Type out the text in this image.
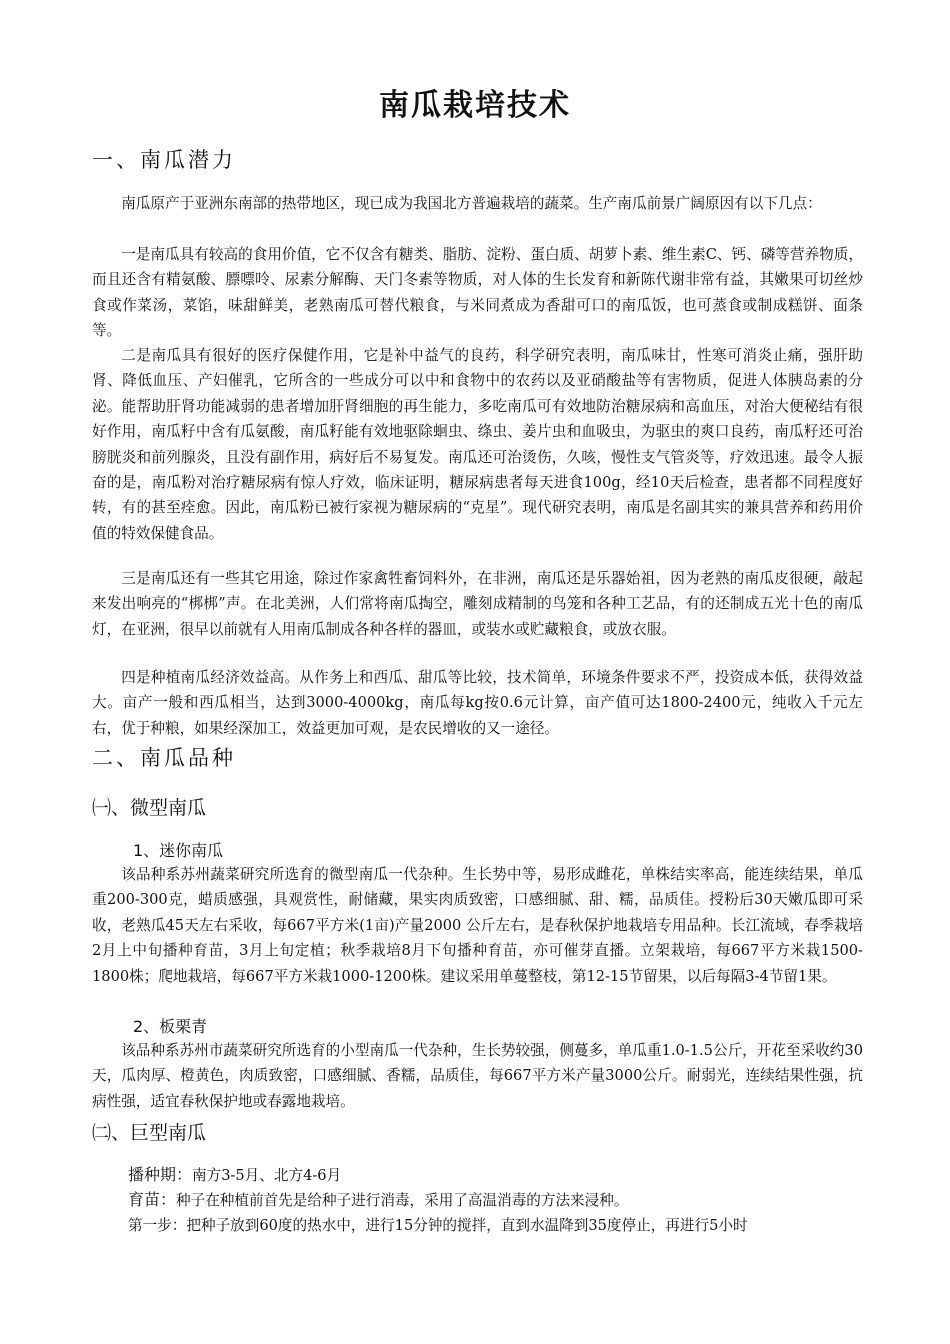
南瓜栽培技术
一、南瓜潜力

南瓜原产于亚洲东南部的热带地区，现已成为我国北方普遍栽培的蔬菜。生产南瓜前景广阔原因有以下几点：

一是南瓜具有较高的食用价值，它不仅含有糖类、脂肪、淀粉、蛋白质、胡萝卜素、维生素C、钙、磷等营养物质，而且还含有精氨酸、膘嘌呤、尿素分解酶、天门冬素等物质，对人体的生长发育和新陈代谢非常有益，其嫩果可切丝炒食或作菜汤，菜馅，味甜鲜美，老熟南瓜可替代粮食，与米同煮成为香甜可口的南瓜饭，也可蒸食或制成糕饼、面条等。

二是南瓜具有很好的医疗保健作用，它是补中益气的良药，科学研究表明，南瓜味甘，性寒可消炎止痛，强肝助肾、降低血压、产妇催乳，它所含的一些成分可以中和食物中的农药以及亚硝酸盐等有害物质，促进人体胰岛素的分泌。能帮助肝肾功能减弱的患者增加肝肾细胞的再生能力，多吃南瓜可有效地防治糖尿病和高血压，对治大便秘结有很好作用，南瓜籽中含有瓜氨酸，南瓜籽能有效地驱除蛔虫、绦虫、姜片虫和血吸虫，为驱虫的爽口良药，南瓜籽还可治膀胱炎和前列腺炎，且没有副作用，病好后不易复发。南瓜还可治烫伤，久咳，慢性支气管炎等，疗效迅速。最令人振奋的是，南瓜粉对治疗糖尿病有惊人疗效，临床证明，糖尿病患者每天进食100g，经10天后检查，患者都不同程度好转，有的甚至痊愈。因此，南瓜粉已被行家视为糖尿病的“克星”。现代研究表明，南瓜是名副其实的兼具营养和药用价值的特效保健食品。

三是南瓜还有一些其它用途，除过作家禽牲畜饲料外，在非洲，南瓜还是乐器始祖，因为老熟的南瓜皮很硬，敲起来发出响亮的“梆梆”声。在北美洲，人们常将南瓜掏空，雕刻成精制的鸟笼和各种工艺品，有的还制成五光十色的南瓜灯，在亚洲，很早以前就有人用南瓜制成各种各样的器皿，或装水或贮藏粮食，或放衣服。

四是种植南瓜经济效益高。从作务上和西瓜、甜瓜等比较，技术简单，环境条件要求不严，投资成本低，获得效益大。亩产一般和西瓜相当，达到3000-4000kg，南瓜每kg按0.6元计算，亩产值可达1800-2400元，纯收入千元左右，优于种粮，如果经深加工，效益更加可观，是农民增收的又一途径。

二、南瓜品种
㈠、微型南瓜
1、迷你南瓜

该品种系苏州蔬菜研究所选育的微型南瓜一代杂种。生长势中等，易形成雌花，单株结实率高，能连续结果，单瓜重200-300克，蜡质感强，具观赏性，耐储藏，果实肉质致密，口感细腻、甜、糯，品质佳。授粉后30天嫩瓜即可采收，老熟瓜45天左右采收，每667平方米(1亩)产量2000 公斤左右，是春秋保护地栽培专用品种。长江流域，春季栽培2月上中旬播种育苗，3月上旬定植；秋季栽培8月下旬播种育苗，亦可催芽直播。立架栽培，每667平方米栽1500-1800株；爬地栽培，每667平方米栽1000-1200株。建议采用单蔓整枝，第12-15节留果，以后每隔3-4节留1果。

2、板栗青

该品种系苏州市蔬菜研究所选育的小型南瓜一代杂种，生长势较强，侧蔓多，单瓜重1.0-1.5公斤，开花至采收约30天，瓜肉厚、橙黄色，肉质致密，口感细腻、香糯，品质佳，每667平方米产量3000公斤。耐弱光，连续结果性强，抗病性强，适宜春秋保护地或春露地栽培。

㈡、巨型南瓜
播种期：南方3-5月、北方4-6月
育苗：种子在种植前首先是给种子进行消毒，采用了高温消毒的方法来浸种。
第一步：把种子放到60度的热水中，进行15分钟的搅拌，直到水温降到35度停止，再进行5小时
